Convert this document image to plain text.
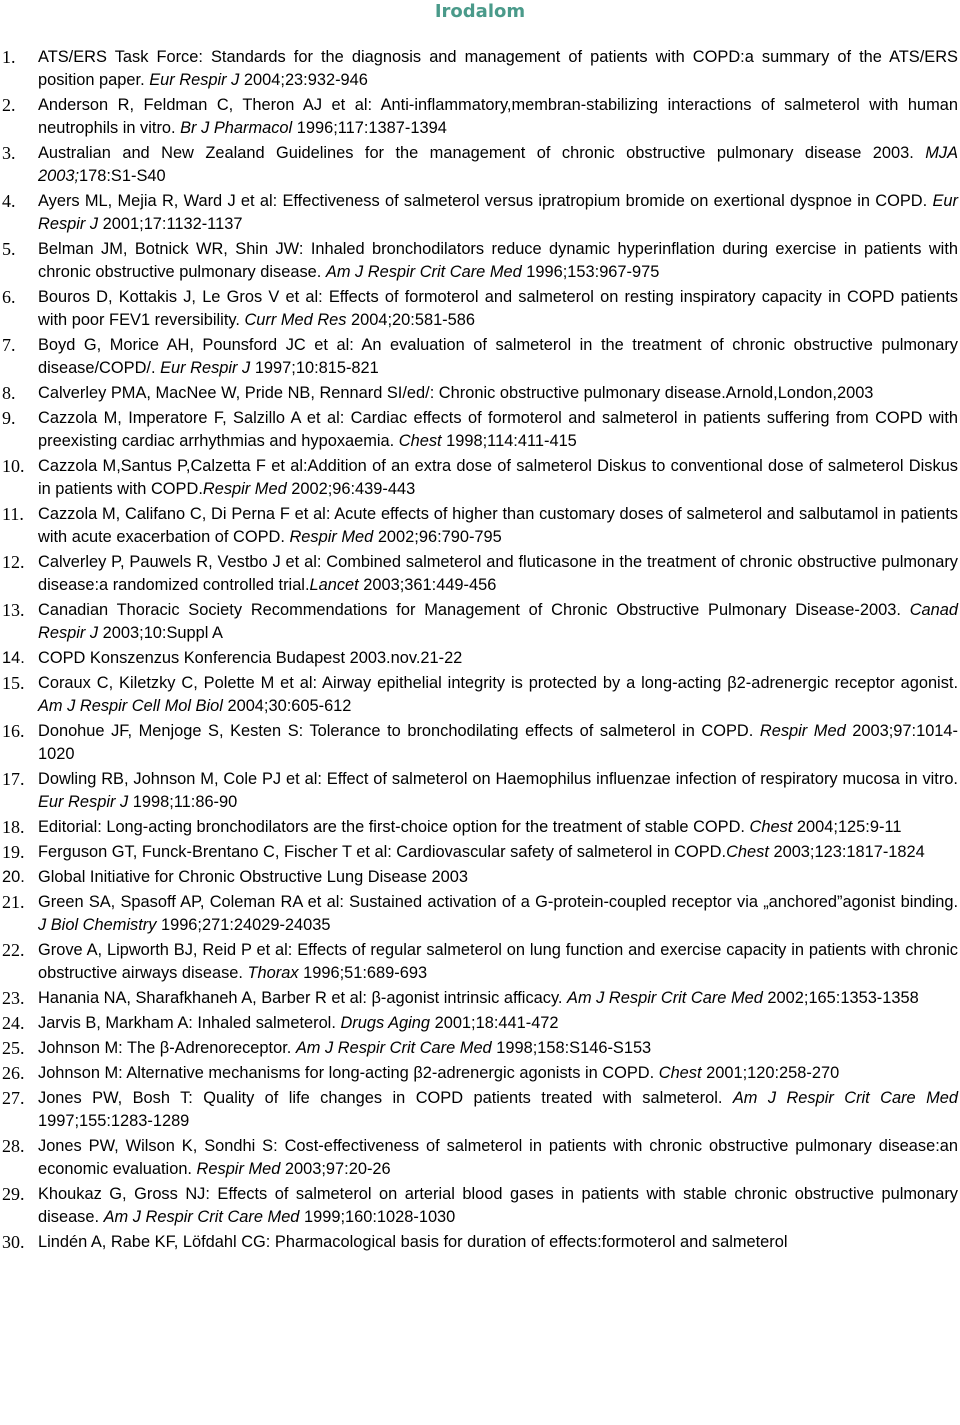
Irodalom
1. ATS/ERS Task Force: Standards for the diagnosis and management of patients with COPD:a summary of the ATS/ERS position paper. Eur Respir J 2004;23:932-946
2. Anderson R, Feldman C, Theron AJ et al: Anti-inflammatory,membran-stabilizing interactions of salmeterol with human neutrophils in vitro. Br J Pharmacol 1996;117:1387-1394
3. Australian and New Zealand Guidelines for the management of chronic obstructive pulmonary disease 2003. MJA 2003;178:S1-S40
4. Ayers ML, Mejia R, Ward J et al: Effectiveness of salmeterol versus ipratropium bromide on exertional dyspnoe in COPD. Eur Respir J 2001;17:1132-1137
5. Belman JM, Botnick WR, Shin JW: Inhaled bronchodilators reduce dynamic hyperinflation during exercise in patients with chronic obstructive pulmonary disease. Am J Respir Crit Care Med 1996;153:967-975
6. Bouros D, Kottakis J, Le Gros V et al: Effects of formoterol and salmeterol on resting inspiratory capacity in COPD patients with poor FEV1 reversibility. Curr Med Res 2004;20:581-586
7. Boyd G, Morice AH, Pounsford JC et al: An evaluation of salmeterol in the treatment of chronic obstructive pulmonary disease/COPD/. Eur Respir J 1997;10:815-821
8. Calverley PMA, MacNee W, Pride NB, Rennard SI/ed/: Chronic obstructive pulmonary disease.Arnold,London,2003
9. Cazzola M, Imperatore F, Salzillo A et al: Cardiac effects of formoterol and salmeterol in patients suffering from COPD with preexisting cardiac arrhythmias and hypoxaemia. Chest 1998;114:411-415
10. Cazzola M,Santus P,Calzetta F et al:Addition of an extra dose of salmeterol Diskus to conventional dose of salmeterol Diskus in patients with COPD.Respir Med 2002;96:439-443
11. Cazzola M, Califano C, Di Perna F et al: Acute effects of higher than customary doses of salmeterol and salbutamol in patients with acute exacerbation of COPD. Respir Med 2002;96:790-795
12. Calverley P, Pauwels R, Vestbo J et al: Combined salmeterol and fluticasone in the treatment of chronic obstructive pulmonary disease:a randomized controlled trial.Lancet 2003;361:449-456
13. Canadian Thoracic Society Recommendations for Management of Chronic Obstructive Pulmonary Disease-2003. Canad Respir J 2003;10:Suppl A
14. COPD Konszenzus Konferencia Budapest 2003.nov.21-22
15. Coraux C, Kiletzky C, Polette M et al: Airway epithelial integrity is protected by a long-acting β2-adrenergic receptor agonist. Am J Respir Cell Mol Biol 2004;30:605-612
16. Donohue JF, Menjoge S, Kesten S: Tolerance to bronchodilating effects of salmeterol in COPD. Respir Med 2003;97:1014-1020
17. Dowling RB, Johnson M, Cole PJ et al: Effect of salmeterol on Haemophilus influenzae infection of respiratory mucosa in vitro. Eur Respir J 1998;11:86-90
18. Editorial: Long-acting bronchodilators are the first-choice option for the treatment of stable COPD. Chest 2004;125:9-11
19. Ferguson GT, Funck-Brentano C, Fischer T et al: Cardiovascular safety of salmeterol in COPD.Chest 2003;123:1817-1824
20. Global Initiative for Chronic Obstructive Lung Disease 2003
21. Green SA, Spasoff AP, Coleman RA et al: Sustained activation of a G-protein-coupled receptor via „anchored”agonist binding. J Biol Chemistry 1996;271:24029-24035
22. Grove A, Lipworth BJ, Reid P et al: Effects of regular salmeterol on lung function and exercise capacity in patients with chronic obstructive airways disease. Thorax 1996;51:689-693
23. Hanania NA, Sharafkhaneh A, Barber R et al: β-agonist intrinsic afficacy. Am J Respir Crit Care Med 2002;165:1353-1358
24. Jarvis B, Markham A: Inhaled salmeterol. Drugs Aging 2001;18:441-472
25. Johnson M: The β-Adrenoreceptor. Am J Respir Crit Care Med 1998;158:S146-S153
26. Johnson M: Alternative mechanisms for long-acting β2-adrenergic agonists in COPD. Chest 2001;120:258-270
27. Jones PW, Bosh T: Quality of life changes in COPD patients treated with salmeterol. Am J Respir Crit Care Med 1997;155:1283-1289
28. Jones PW, Wilson K, Sondhi S: Cost-effectiveness of salmeterol in patients with chronic obstructive pulmonary disease:an economic evaluation. Respir Med 2003;97:20-26
29. Khoukaz G, Gross NJ: Effects of salmeterol on arterial blood gases in patients with stable chronic obstructive pulmonary disease. Am J Respir Crit Care Med 1999;160:1028-1030
30. Lindén A, Rabe KF, Löfdahl CG: Pharmacological basis for duration of effects:formoterol and salmeterol
